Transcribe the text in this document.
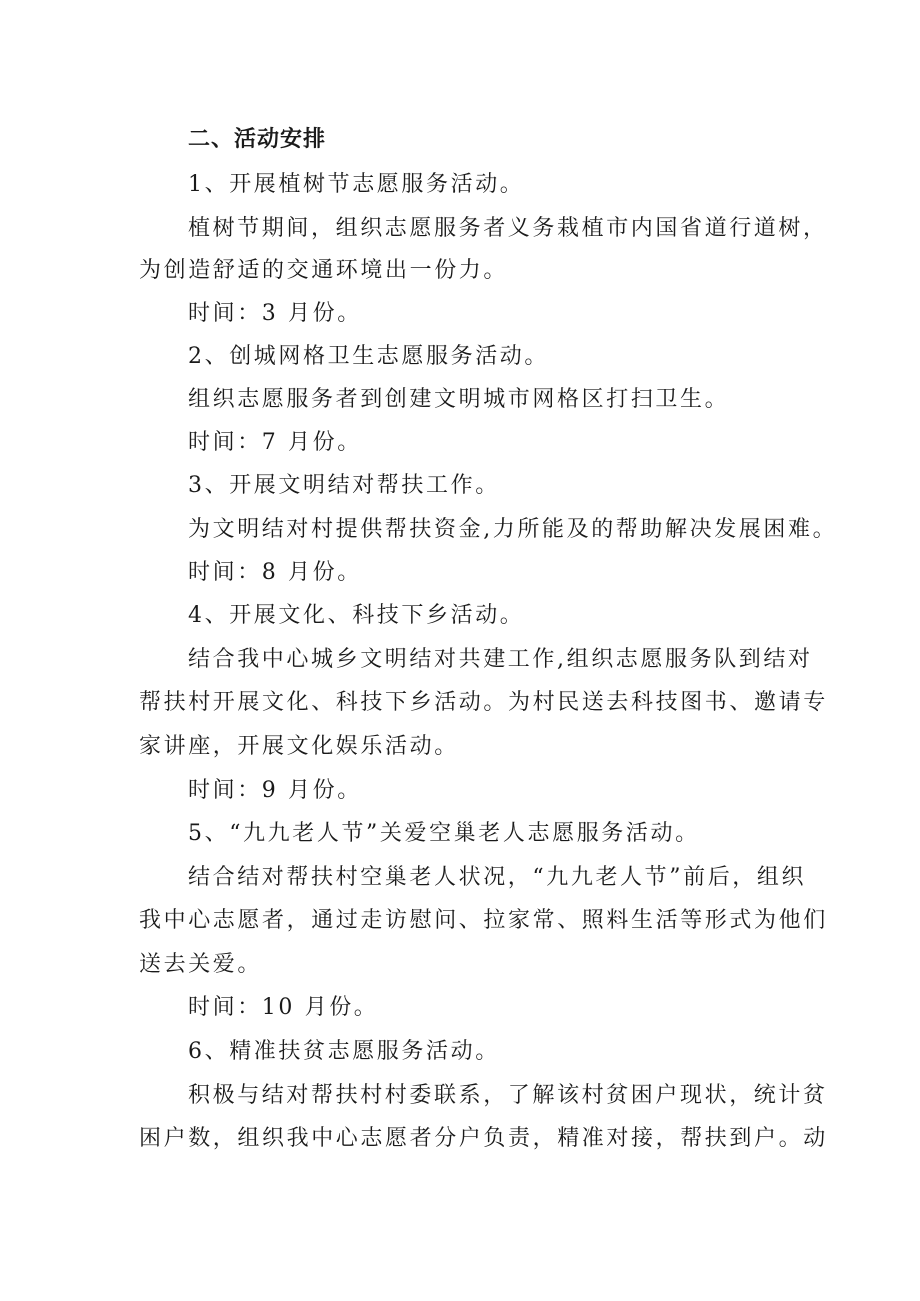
二、活动安排

1、开展植树节志愿服务活动。

植树节期间，组织志愿服务者义务栽植市内国省道行道树，

为创造舒适的交通环境出一份力。

时间：3 月份。

2、创城网格卫生志愿服务活动。

组织志愿服务者到创建文明城市网格区打扫卫生。

时间：7 月份。

3、开展文明结对帮扶工作。

为文明结对村提供帮扶资金,力所能及的帮助解决发展困难。

时间：8 月份。

4、开展文化、科技下乡活动。

结合我中心城乡文明结对共建工作,组织志愿服务队到结对

帮扶村开展文化、科技下乡活动。为村民送去科技图书、邀请专

家讲座，开展文化娱乐活动。

时间：9 月份。

5、“九九老人节”关爱空巢老人志愿服务活动。

结合结对帮扶村空巢老人状况，“九九老人节”前后，组织

我中心志愿者，通过走访慰问、拉家常、照料生活等形式为他们

送去关爱。

时间：10 月份。

6、精准扶贫志愿服务活动。

积极与结对帮扶村村委联系，了解该村贫困户现状，统计贫

困户数，组织我中心志愿者分户负责，精准对接，帮扶到户。动
